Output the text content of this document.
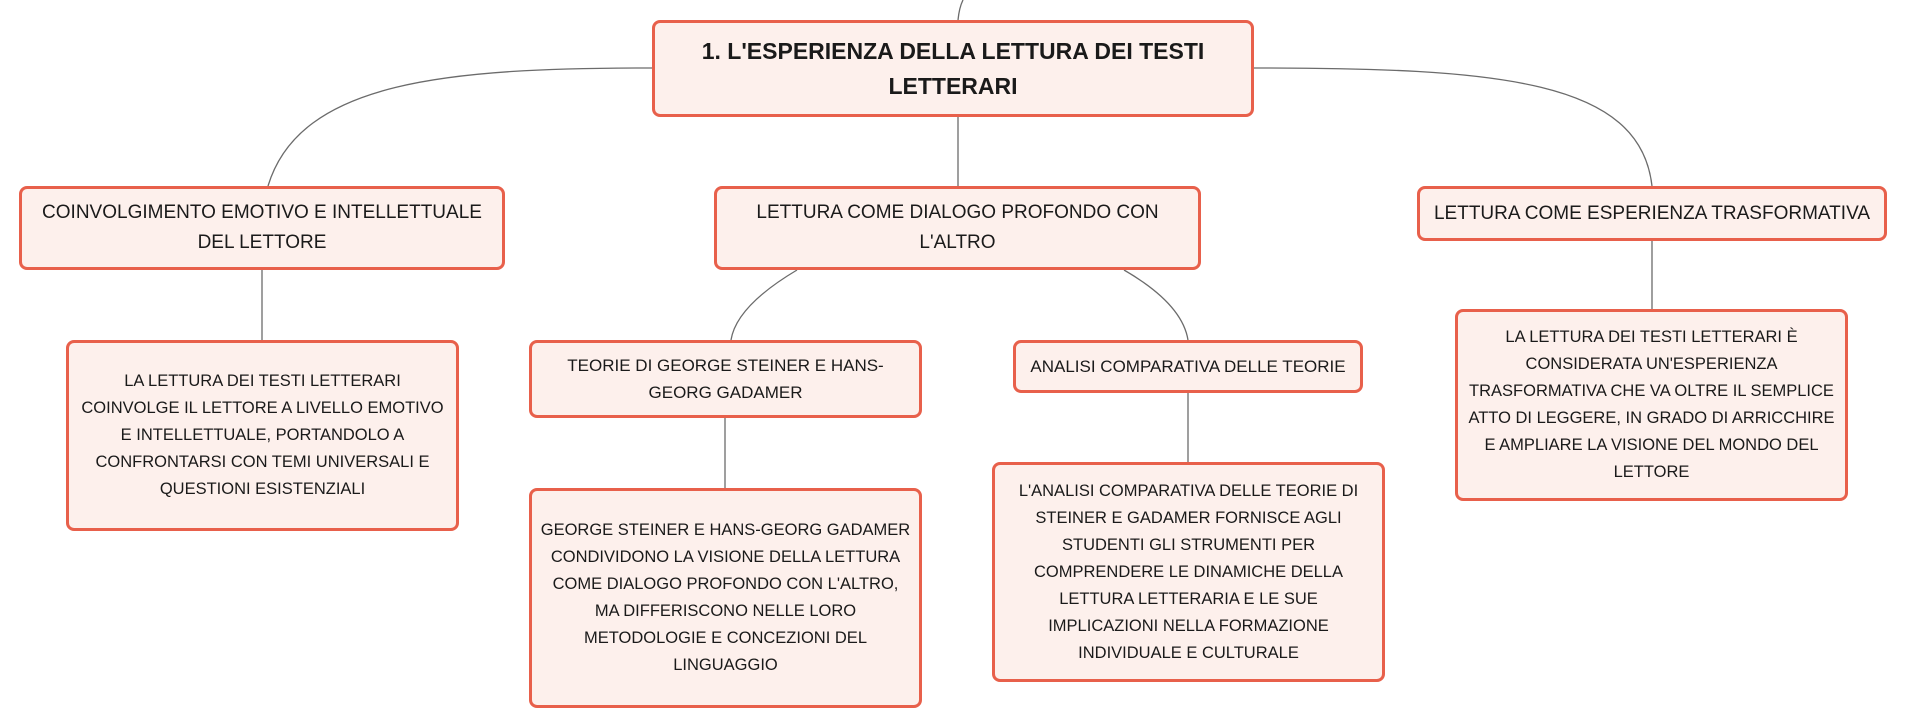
1. L'ESPERIENZA DELLA LETTURA DEI TESTI LETTERARI
COINVOLGIMENTO EMOTIVO E INTELLETTUALE DEL LETTORE
LETTURA COME DIALOGO PROFONDO CON L'ALTRO
LETTURA COME ESPERIENZA TRASFORMATIVA
LA LETTURA DEI TESTI LETTERARI COINVOLGE IL LETTORE A LIVELLO EMOTIVO E INTELLETTUALE, PORTANDOLO A CONFRONTARSI CON TEMI UNIVERSALI E QUESTIONI ESISTENZIALI
TEORIE DI GEORGE STEINER E HANS-GEORG GADAMER
ANALISI COMPARATIVA DELLE TEORIE
GEORGE STEINER E HANS-GEORG GADAMER CONDIVIDONO LA VISIONE DELLA LETTURA COME DIALOGO PROFONDO CON L'ALTRO, MA DIFFERISCONO NELLE LORO METODOLOGIE E CONCEZIONI DEL LINGUAGGIO
L'ANALISI COMPARATIVA DELLE TEORIE DI STEINER E GADAMER FORNISCE AGLI STUDENTI GLI STRUMENTI PER COMPRENDERE LE DINAMICHE DELLA LETTURA LETTERARIA E LE SUE IMPLICAZIONI NELLA FORMAZIONE INDIVIDUALE E CULTURALE
LA LETTURA DEI TESTI LETTERARI È CONSIDERATA UN'ESPERIENZA TRASFORMATIVA CHE VA OLTRE IL SEMPLICE ATTO DI LEGGERE, IN GRADO DI ARRICCHIRE E AMPLIARE LA VISIONE DEL MONDO DEL LETTORE
